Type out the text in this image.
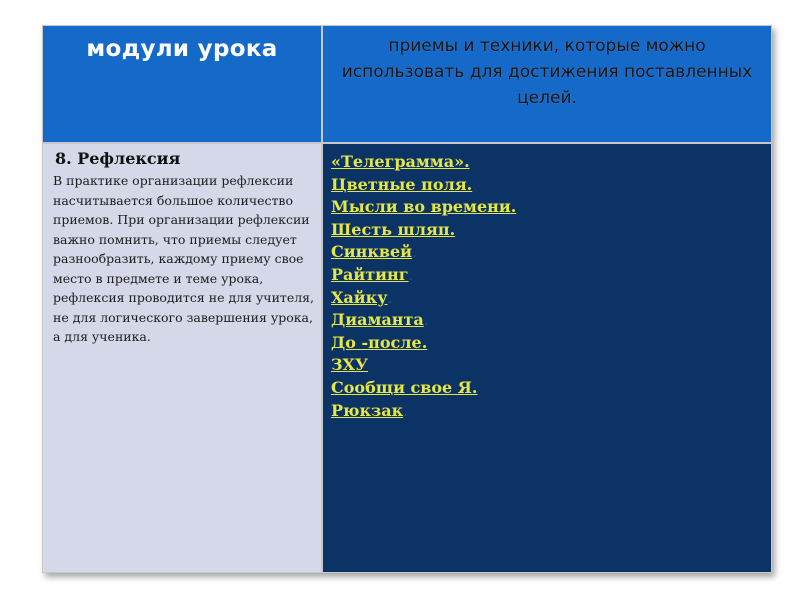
модули урока	приемы и техники, которые можно использовать для достижения поставленных целей.
8. Рефлексия
В практике организации рефлексии насчитывается большое количество приемов. При организации рефлексии важно помнить, что приемы следует разнообразить, каждому приему свое место в предмете и теме урока, рефлексия проводится не для учителя, не для логического завершения урока, а для ученика.
«Телеграмма».
Цветные поля.
Мысли во времени.
Шесть шляп.
Синквей.
Райтинг.
Хайку.
Диаманта.
До -после.
ЗХУ
Сообщи свое Я.
Рюкзак.
